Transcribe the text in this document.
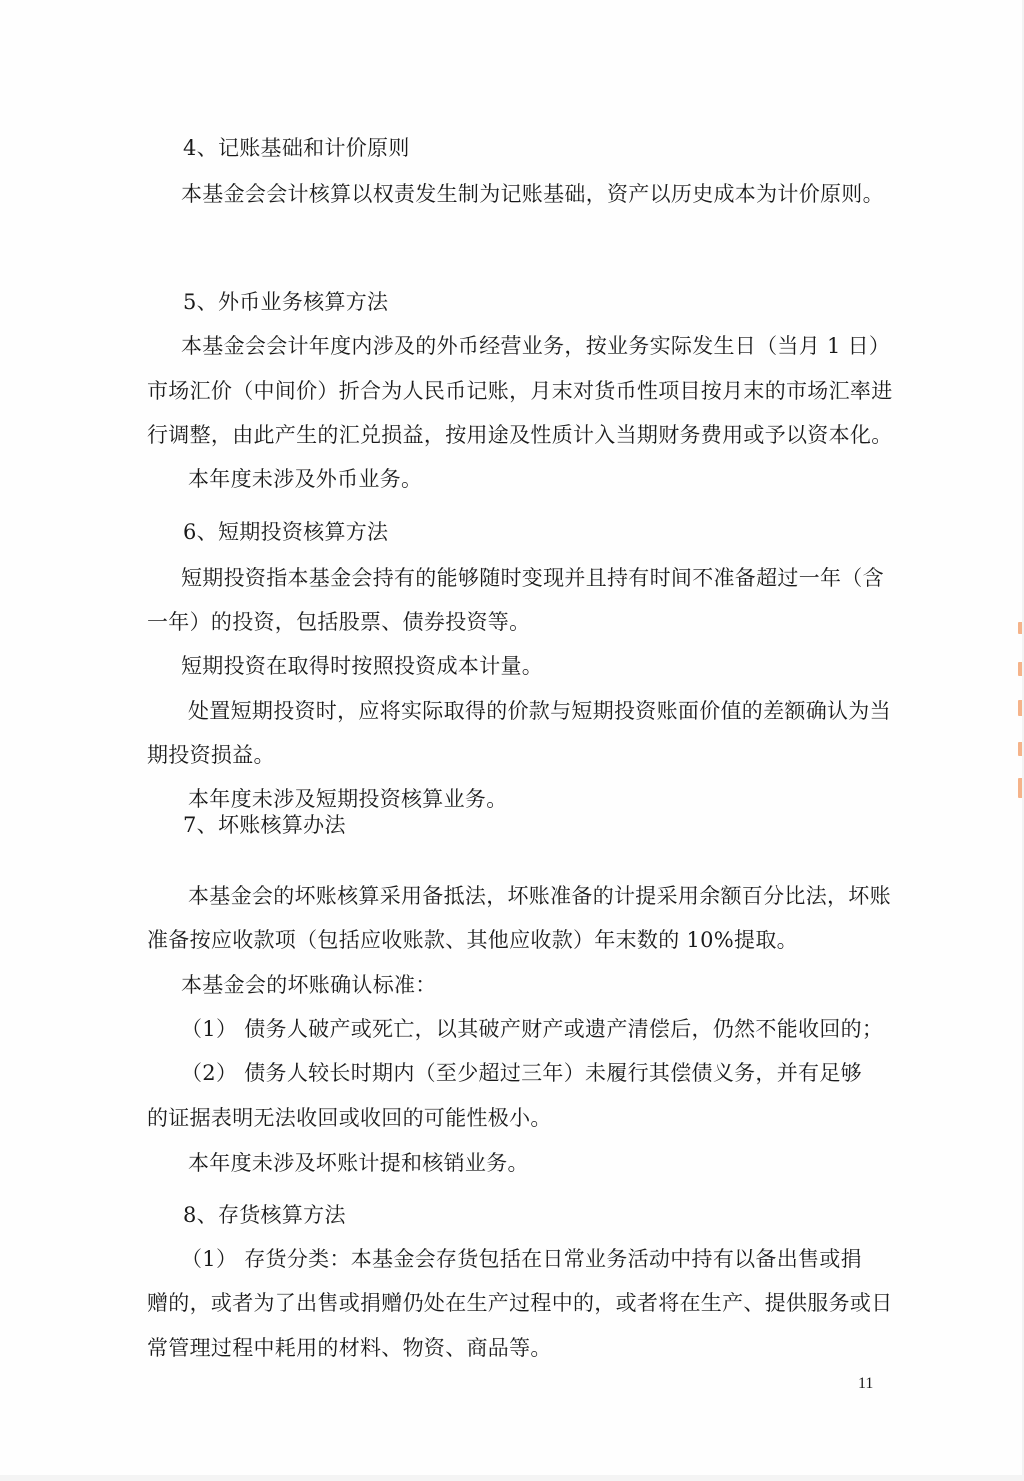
4、记账基础和计价原则
本基金会会计核算以权责发生制为记账基础，资产以历史成本为计价原则。
5、外币业务核算方法
本基金会会计年度内涉及的外币经营业务，按业务实际发生日（当月 1 日）
市场汇价（中间价）折合为人民币记账，月末对货币性项目按月末的市场汇率进
行调整，由此产生的汇兑损益，按用途及性质计入当期财务费用或予以资本化。
本年度未涉及外币业务。
6、短期投资核算方法
短期投资指本基金会持有的能够随时变现并且持有时间不准备超过一年（含
一年）的投资，包括股票、债券投资等。
短期投资在取得时按照投资成本计量。
处置短期投资时，应将实际取得的价款与短期投资账面价值的差额确认为当
期投资损益。
本年度未涉及短期投资核算业务。
7、坏账核算办法
本基金会的坏账核算采用备抵法，坏账准备的计提采用余额百分比法，坏账
准备按应收款项（包括应收账款、其他应收款）年末数的 10%提取。
本基金会的坏账确认标准：
（1） 债务人破产或死亡，以其破产财产或遗产清偿后，仍然不能收回的；
（2） 债务人较长时期内（至少超过三年）未履行其偿债义务，并有足够
的证据表明无法收回或收回的可能性极小。
本年度未涉及坏账计提和核销业务。
8、存货核算方法
（1） 存货分类：本基金会存货包括在日常业务活动中持有以备出售或捐
赠的，或者为了出售或捐赠仍处在生产过程中的，或者将在生产、提供服务或日
常管理过程中耗用的材料、物资、商品等。
11
